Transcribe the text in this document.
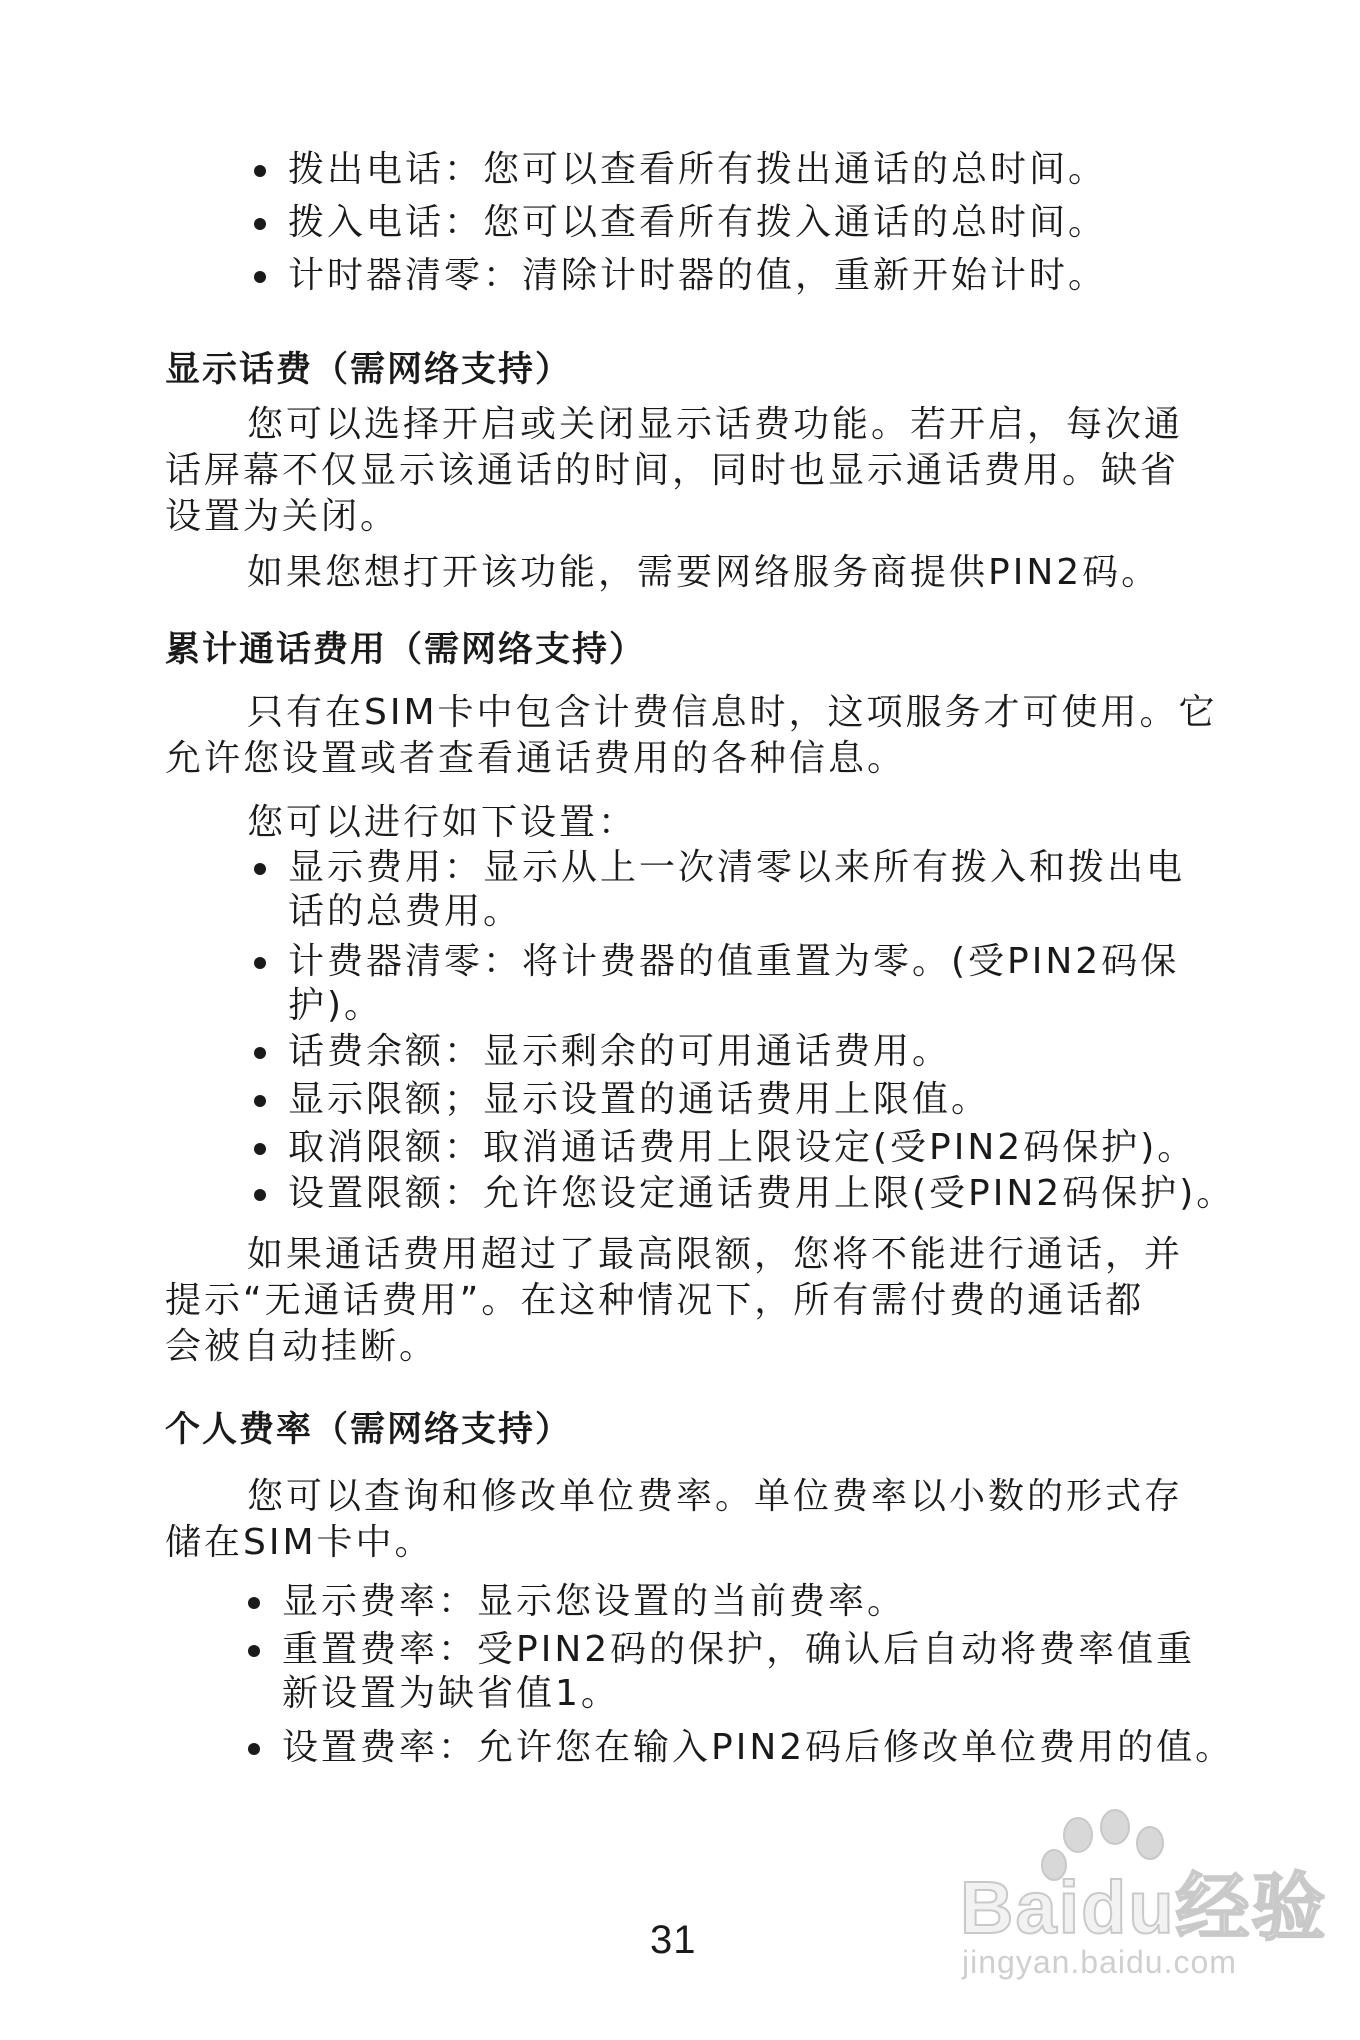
拨出电话：您可以查看所有拨出通话的总时间。
拨入电话：您可以查看所有拨入通话的总时间。
计时器清零：清除计时器的值，重新开始计时。
显示话费（需网络支持）
您可以选择开启或关闭显示话费功能。若开启，每次通
话屏幕不仅显示该通话的时间，同时也显示通话费用。缺省
设置为关闭。
如果您想打开该功能，需要网络服务商提供PIN2码。
累计通话费用（需网络支持）
只有在SIM卡中包含计费信息时，这项服务才可使用。它
允许您设置或者查看通话费用的各种信息。
您可以进行如下设置：
显示费用：显示从上一次清零以来所有拨入和拨出电
话的总费用。
计费器清零：将计费器的值重置为零。(受PIN2码保
护)。
话费余额：显示剩余的可用通话费用。
显示限额；显示设置的通话费用上限值。
取消限额：取消通话费用上限设定(受PIN2码保护)。
设置限额：允许您设定通话费用上限(受PIN2码保护)。
如果通话费用超过了最高限额，您将不能进行通话，并
提示“无通话费用”。在这种情况下，所有需付费的通话都
会被自动挂断。
个人费率（需网络支持）
您可以查询和修改单位费率。单位费率以小数的形式存
储在SIM卡中。
显示费率：显示您设置的当前费率。
重置费率：受PIN2码的保护，确认后自动将费率值重
新设置为缺省值1。
设置费率：允许您在输入PIN2码后修改单位费用的值。
31	Baidu经验
jingyan.baidu.com
